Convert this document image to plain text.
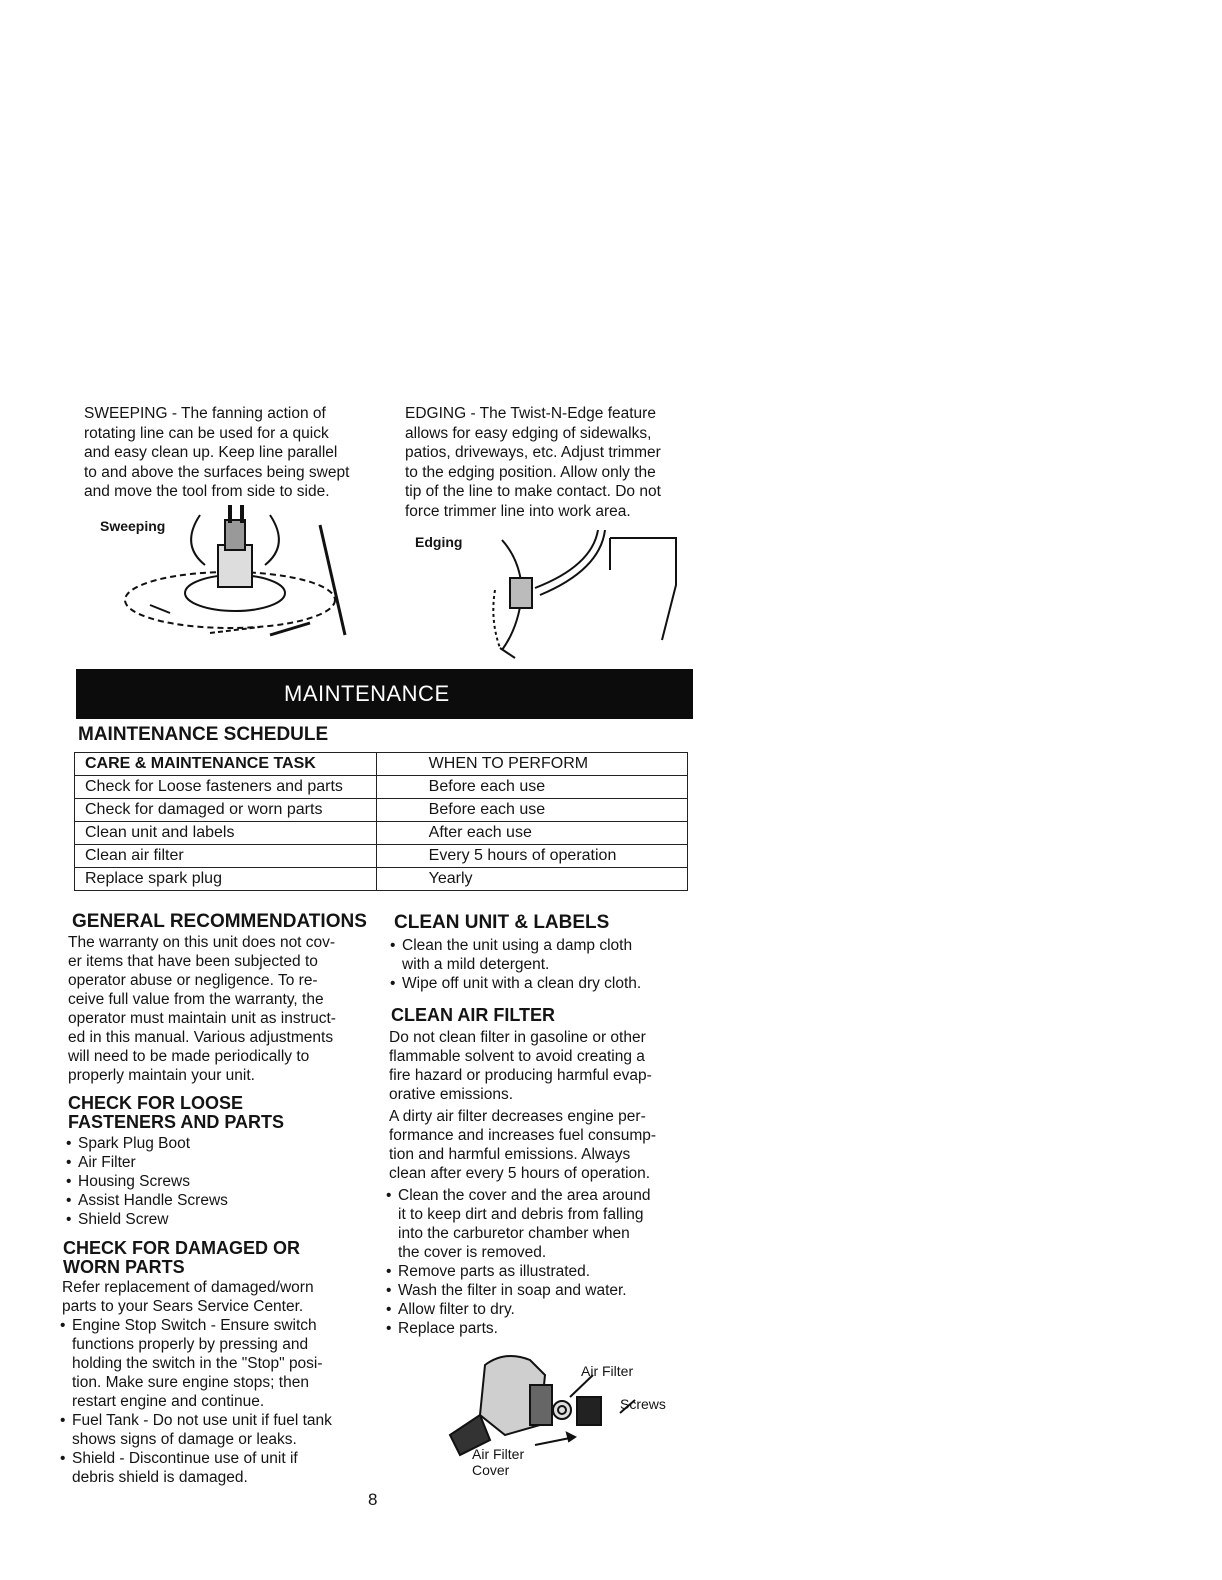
SWEEPING - The fanning action of
rotating line can be used for a quick
and easy clean up. Keep line parallel
to and above the surfaces being swept
and move the tool from side to side.
Sweeping
EDGING - The Twist-N-Edge feature
allows for easy edging of sidewalks,
patios, driveways, etc. Adjust trimmer
to the edging position. Allow only the
tip of the line to make contact. Do not
force trimmer line into work area.
Edging
MAINTENANCE
MAINTENANCE SCHEDULE
CARE & MAINTENANCE TASK	WHEN TO PERFORM
Check for Loose fasteners and parts	Before each use
Check for damaged or worn parts	Before each use
Clean unit and labels	After each use
Clean air filter	Every 5 hours of operation
Replace spark plug	Yearly
GENERAL RECOMMENDATIONS
The warranty on this unit does not cov-
er items that have been subjected to
operator abuse or negligence. To re-
ceive full value from the warranty, the
operator must maintain unit as instruct-
ed in this manual. Various adjustments
will need to be made periodically to
properly maintain your unit.
CHECK FOR LOOSE
FASTENERS AND PARTS
• Spark Plug Boot
• Air Filter
• Housing Screws
• Assist Handle Screws
• Shield Screw
CHECK FOR DAMAGED OR
WORN PARTS
Refer replacement of damaged/worn
parts to your Sears Service Center.
• Engine Stop Switch - Ensure switch
functions properly by pressing and
holding the switch in the "Stop" posi-
tion. Make sure engine stops; then
restart engine and continue.
• Fuel Tank - Do not use unit if fuel tank
shows signs of damage or leaks.
• Shield - Discontinue use of unit if
debris shield is damaged.
CLEAN UNIT & LABELS
• Clean the unit using a damp cloth
with a mild detergent.
• Wipe off unit with a clean dry cloth.
CLEAN AIR FILTER
Do not clean filter in gasoline or other
flammable solvent to avoid creating a
fire hazard or producing harmful evap-
orative emissions.
A dirty air filter decreases engine per-
formance and increases fuel consump-
tion and harmful emissions. Always
clean after every 5 hours of operation.
• Clean the cover and the area around
it to keep dirt and debris from falling
into the carburetor chamber when
the cover is removed.
• Remove parts as illustrated.
• Wash the filter in soap and water.
• Allow filter to dry.
• Replace parts.
Air Filter
Screws
Air Filter
Cover
8
